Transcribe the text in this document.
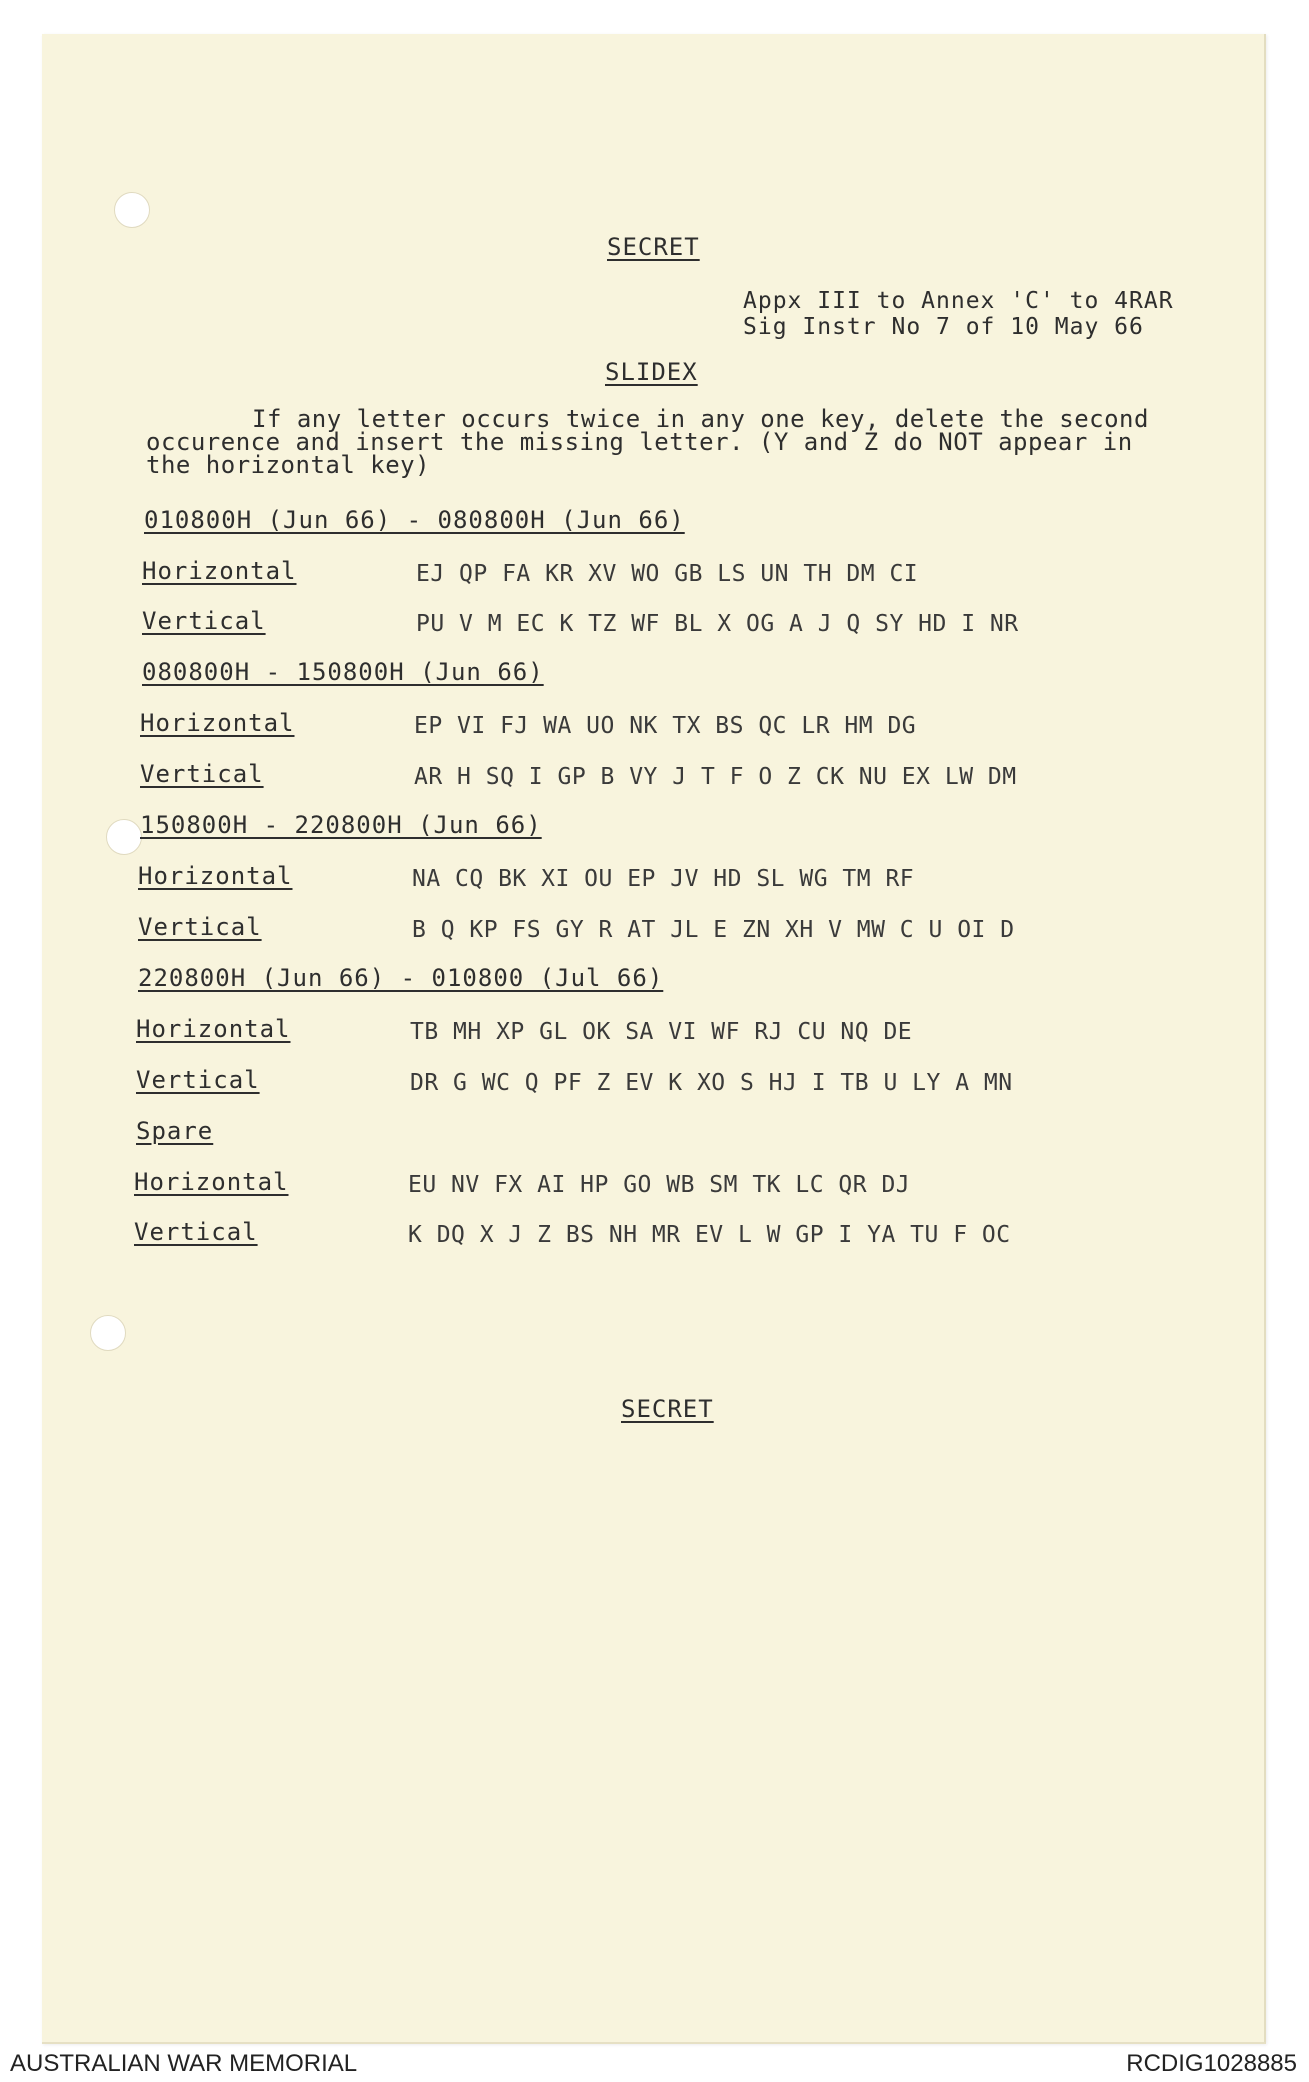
SECRET
Appx III to Annex 'C' to 4RAR
Sig Instr No 7 of 10 May 66
SLIDEX
If any letter occurs twice in any one key, delete the second occurence and insert the missing letter. (Y and Z do NOT appear in the horizontal key)
010800H (Jun 66) - 080800H (Jun 66)
Horizontal	EJ QP FA KR XV WO GB LS UN TH DM CI
Vertical	PU V M EC K TZ WF BL X OG A J Q SY HD I NR
080800H - 150800H (Jun 66)
Horizontal	EP VI FJ WA UO NK TX BS QC LR HM DG
Vertical	AR H SQ I GP B VY J T F O Z CK NU EX LW DM
150800H - 220800H (Jun 66)
Horizontal	NA CQ BK XI OU EP JV HD SL WG TM RF
Vertical	B Q KP FS GY R AT JL E ZN XH V MW C U OI D
220800H (Jun 66) - 010800 (Jul 66)
Horizontal	TB MH XP GL OK SA VI WF RJ CU NQ DE
Vertical	DR G WC Q PF Z EV K XO S HJ I TB U LY A MN
Spare
Horizontal	EU NV FX AI HP GO WB SM TK LC QR DJ
Vertical	K DQ X J Z BS NH MR EV L W GP I YA TU F OC
SECRET
AUSTRALIAN WAR MEMORIAL	RCDIG1028885
